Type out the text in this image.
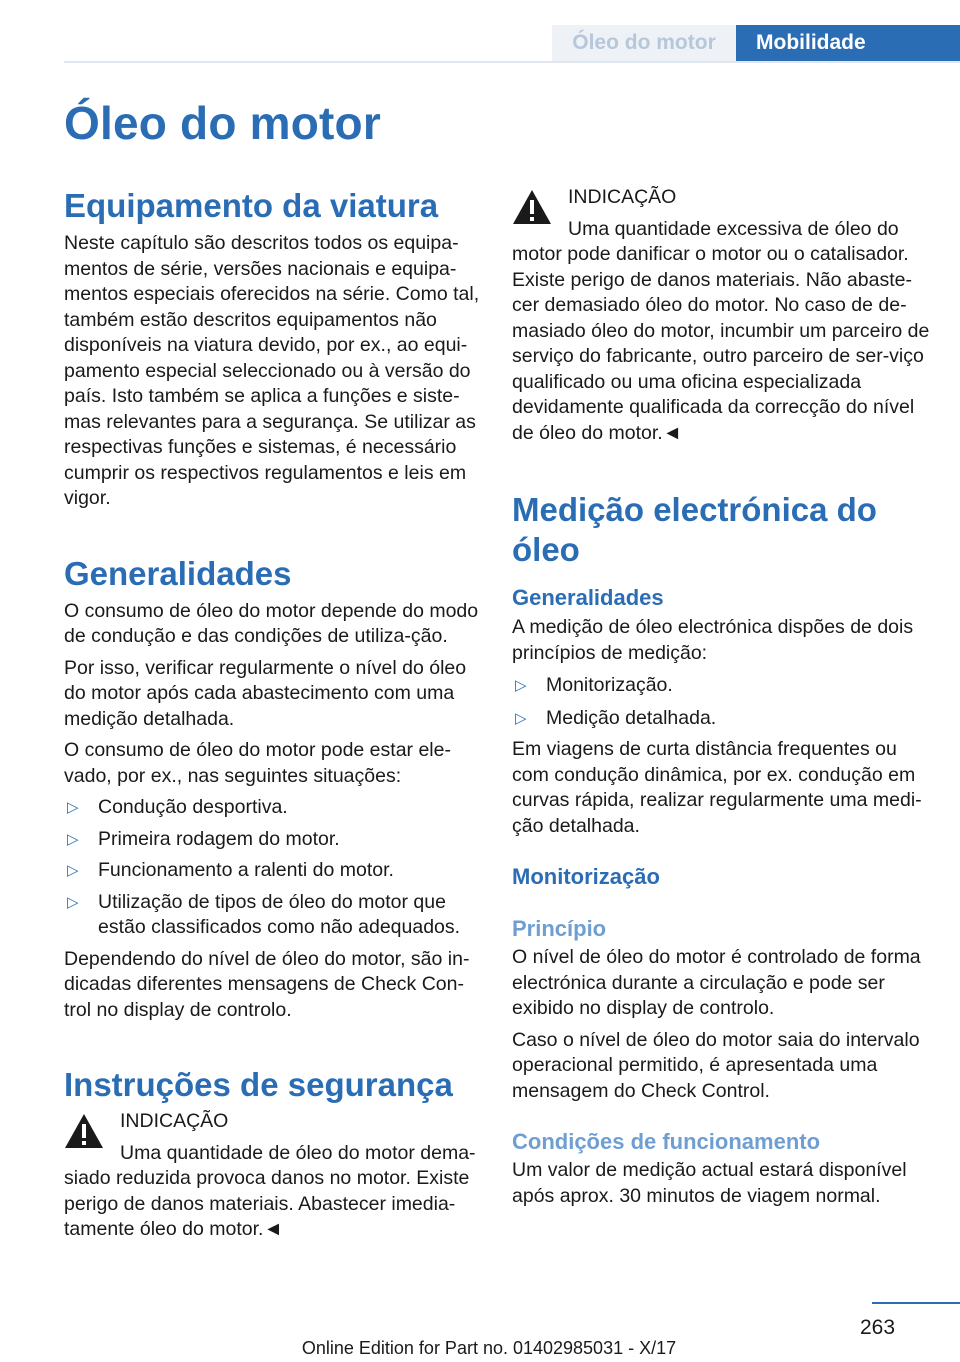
Óleo do motor	Mobilidade
Óleo do motor
Equipamento da viatura

Neste capítulo são descritos todos os equipa-mentos de série, versões nacionais e equipa-mentos especiais oferecidos na série. Como tal, também estão descritos equipamentos não disponíveis na viatura devido, por ex., ao equi-pamento especial seleccionado ou à versão do país. Isto também se aplica a funções e siste-mas relevantes para a segurança. Se utilizar as respectivas funções e sistemas, é necessário cumprir os respectivos regulamentos e leis em vigor.

Generalidades

O consumo de óleo do motor depende do modo de condução e das condições de utiliza-ção.

Por isso, verificar regularmente o nível do óleo do motor após cada abastecimento com uma medição detalhada.

O consumo de óleo do motor pode estar ele-vado, por ex., nas seguintes situações:

▷ Condução desportiva.
▷ Primeira rodagem do motor.
▷ Funcionamento a ralenti do motor.
▷ Utilização de tipos de óleo do motor que estão classificados como não adequados.

Dependendo do nível de óleo do motor, são in-dicadas diferentes mensagens de Check Con-trol no display de controlo.

Instruções de segurança

INDICAÇÃO

Uma quantidade de óleo do motor dema-siado reduzida provoca danos no motor. Existe perigo de danos materiais. Abastecer imedia-tamente óleo do motor.◄

INDICAÇÃO

Uma quantidade excessiva de óleo do motor pode danificar o motor ou o catalisador. Existe perigo de danos materiais. Não abaste-cer demasiado óleo do motor. No caso de de-masiado óleo do motor, incumbir um parceiro de serviço do fabricante, outro parceiro de ser-viço qualificado ou uma oficina especializada devidamente qualificada da correcção do nível de óleo do motor.◄

Medição electrónica do óleo
Generalidades

A medição de óleo electrónica dispões de dois princípios de medição:

▷ Monitorização.
▷ Medição detalhada.

Em viagens de curta distância frequentes ou com condução dinâmica, por ex. condução em curvas rápida, realizar regularmente uma medi-ção detalhada.

Monitorização
Princípio

O nível de óleo do motor é controlado de forma electrónica durante a circulação e pode ser exibido no display de controlo.

Caso o nível de óleo do motor saia do intervalo operacional permitido, é apresentada uma mensagem do Check Control.

Condições de funcionamento

Um valor de medição actual estará disponível após aprox. 30 minutos de viagem normal.

263
Online Edition for Part no. 01402985031 - X/17
